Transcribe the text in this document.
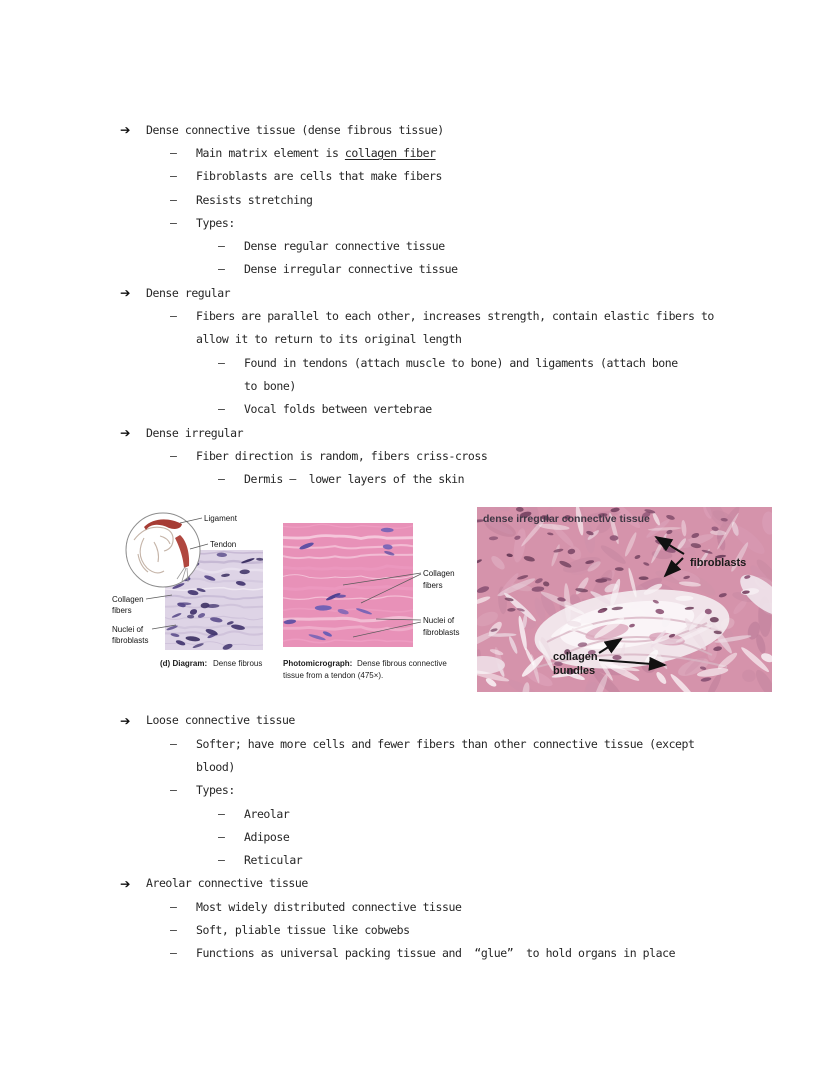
➔	Dense connective tissue (dense fibrous tissue)
–	Main matrix element is collagen fiber
–	Fibroblasts are cells that make fibers
–	Resists stretching
–	Types:
–	Dense regular connective tissue
–	Dense irregular connective tissue
➔	Dense regular
–	Fibers are parallel to each other, increases strength, contain elastic fibers to
allow it to return to its original length
–	Found in tendons (attach muscle to bone) and ligaments (attach bone
to bone)
–	Vocal folds between vertebrae
➔	Dense irregular
–	Fiber direction is random, fibers criss-cross
–	Dermis –  lower layers of the skin
Ligament
Tendon
Collagen
fibers
Nuclei of
fibroblasts
(d) Diagram: Dense fibrous
Collagen
fibers
Nuclei of
fibroblasts
Photomicrograph: Dense fibrous connective
tissue from a tendon (475×).
dense irregular connective tissue
fibroblasts
collagen
bundles
➔	Loose connective tissue
–	Softer; have more cells and fewer fibers than other connective tissue (except
blood)
–	Types:
–	Areolar
–	Adipose
–	Reticular
➔	Areolar connective tissue
–	Most widely distributed connective tissue
–	Soft, pliable tissue like cobwebs
–	Functions as universal packing tissue and  “glue”  to hold organs in place
